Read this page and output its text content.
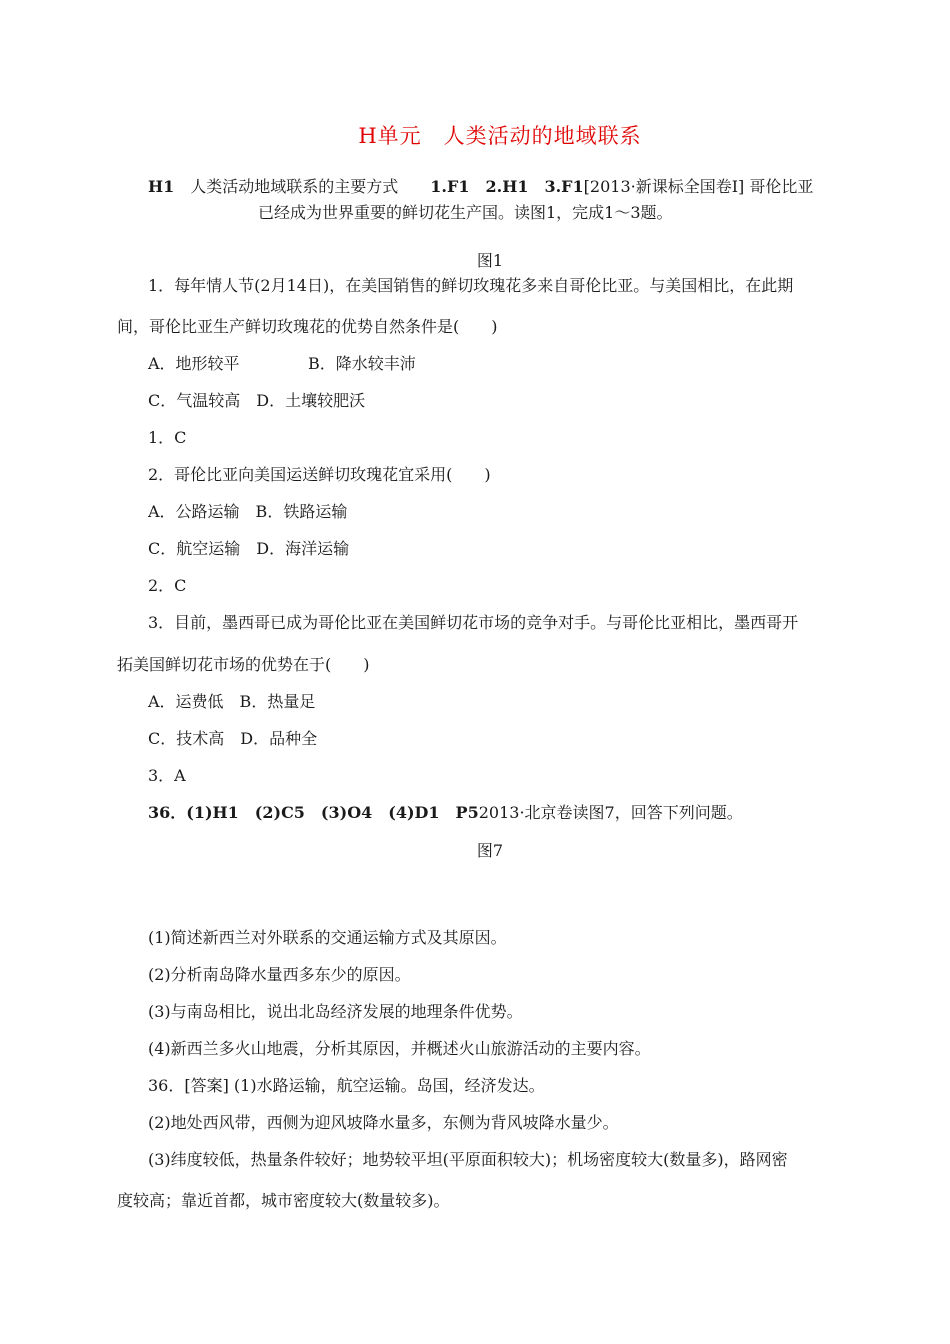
H单元　 人类活动的地域联系
H1　 人类活动地域联系的主要方式　　 1.F1　2.H1　3.F1[2013·新课标全国卷Ⅰ] 哥伦比亚
已经成为世界重要的鲜切花生产国。读图1，完成1～3题。
图1
1．每年情人节(2月14日)，在美国销售的鲜切玫瑰花多来自哥伦比亚。与美国相比，在此期
间，哥伦比亚生产鲜切玫瑰花的优势自然条件是(　　)
A．地形较平	B．降水较丰沛
C．气温较高　D．土壤较肥沃
1．C
2．哥伦比亚向美国运送鲜切玫瑰花宜采用(　　)
A．公路运输　B．铁路运输
C．航空运输　D．海洋运输
2．C
3．目前，墨西哥已成为哥伦比亚在美国鲜切花市场的竞争对手。与哥伦比亚相比，墨西哥开
拓美国鲜切花市场的优势在于(　　)
A．运费低　B．热量足
C．技术高　D．品种全
3．A
36．(1)H1　(2)C5　(3)O4　(4)D1　P52013·北京卷读图7，回答下列问题。
图7
(1)简述新西兰对外联系的交通运输方式及其原因。
(2)分析南岛降水量西多东少的原因。
(3)与南岛相比，说出北岛经济发展的地理条件优势。
(4)新西兰多火山地震，分析其原因，并概述火山旅游活动的主要内容。
36．[答案] (1)水路运输，航空运输。岛国，经济发达。
(2)地处西风带，西侧为迎风坡降水量多，东侧为背风坡降水量少。
(3)纬度较低，热量条件较好；地势较平坦(平原面积较大)；机场密度较大(数量多)，路网密
度较高；靠近首都，城市密度较大(数量较多)。
